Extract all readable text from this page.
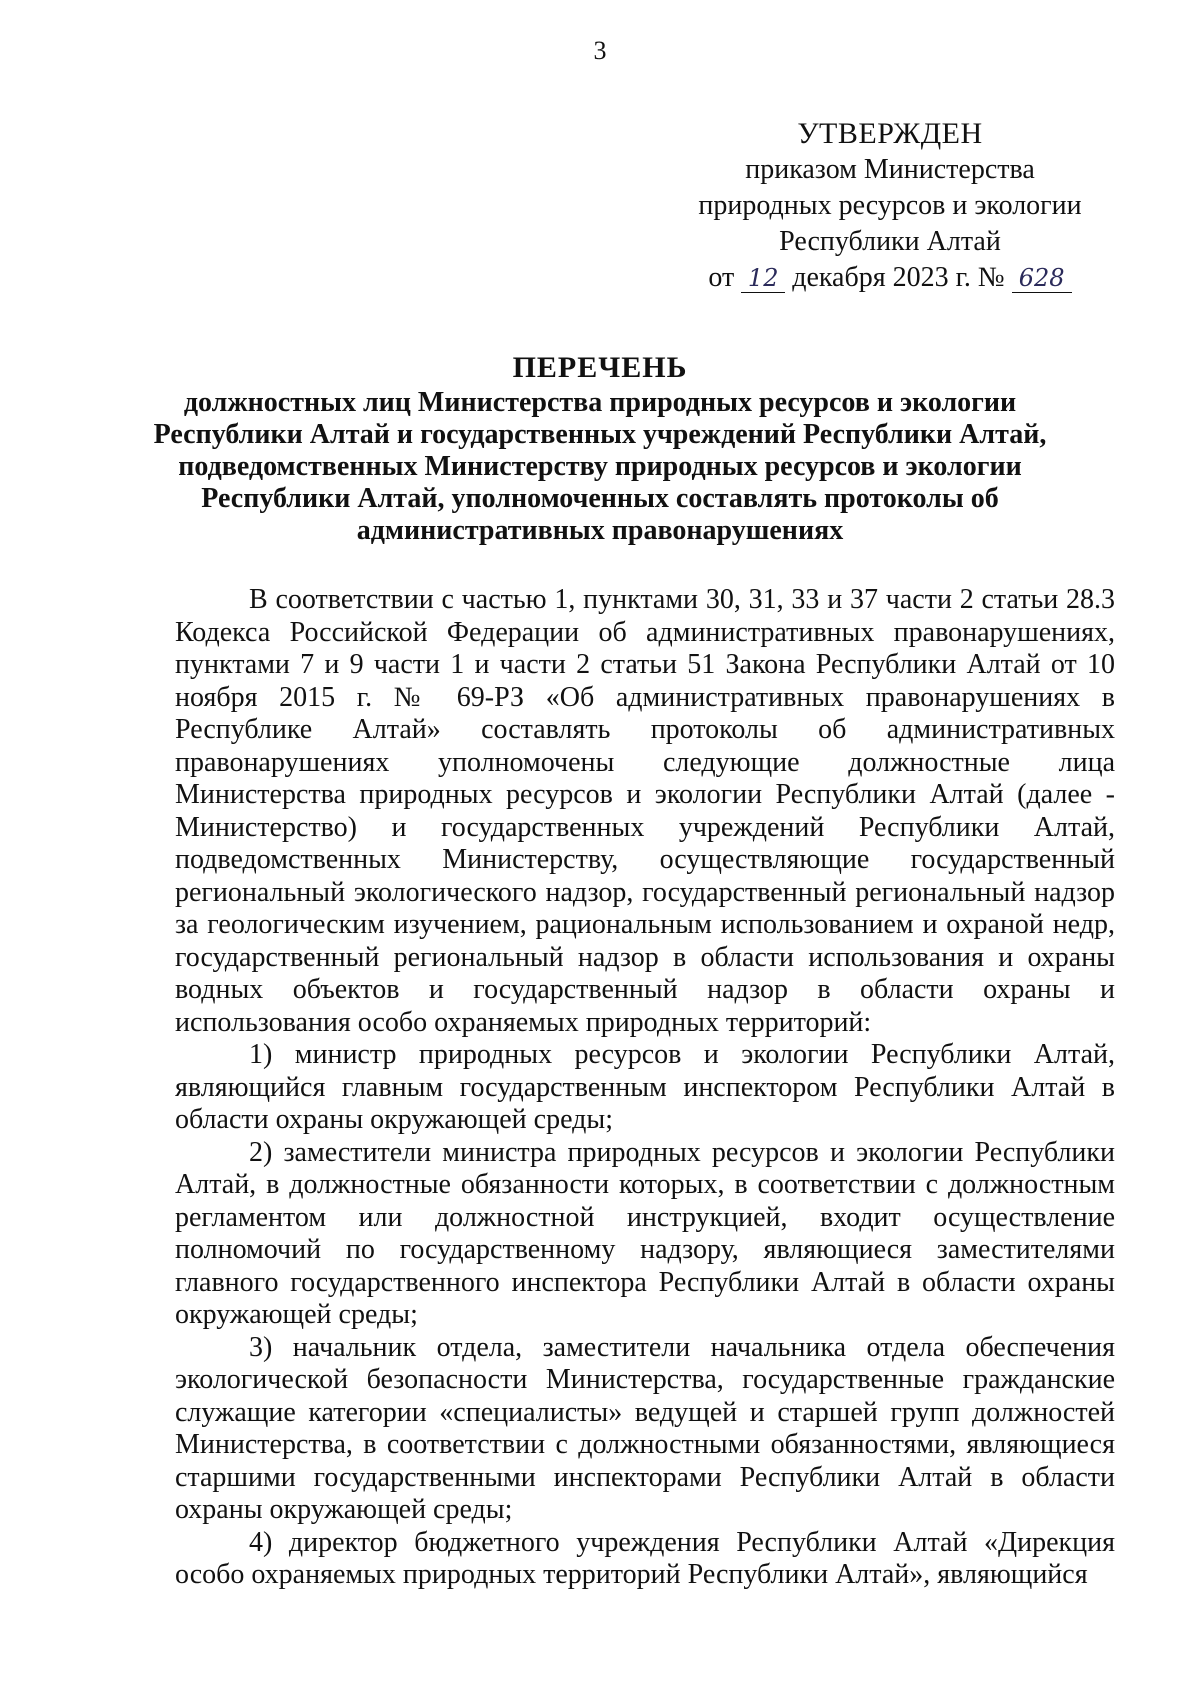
3
УТВЕРЖДЕН
приказом Министерства
природных ресурсов и экологии
Республики Алтай
от 12 декабря 2023 г. № 628
ПЕРЕЧЕНЬ
должностных лиц Министерства природных ресурсов и экологии
Республики Алтай и государственных учреждений Республики Алтай,
подведомственных Министерству природных ресурсов и экологии
Республики Алтай, уполномоченных составлять протоколы об
административных правонарушениях

В соответствии с частью 1, пунктами 30, 31, 33 и 37 части 2 статьи 28.3 Кодекса Российской Федерации об административных правонарушениях, пунктами 7 и 9 части 1 и части 2 статьи 51 Закона Республики Алтай от 10 ноября 2015 г. № 69-РЗ «Об административных правонарушениях в Республике Алтай» составлять протоколы об административных правонарушениях уполномочены следующие должностные лица Министерства природных ресурсов и экологии Республики Алтай (далее - Министерство) и государственных учреждений Республики Алтай, подведомственных Министерству, осуществляющие государственный региональный экологического надзор, государственный региональный надзор за геологическим изучением, рациональным использованием и охраной недр, государственный региональный надзор в области использования и охраны водных объектов и государственный надзор в области охраны и использования особо охраняемых природных территорий:

1) министр природных ресурсов и экологии Республики Алтай, являющийся главным государственным инспектором Республики Алтай в области охраны окружающей среды;

2) заместители министра природных ресурсов и экологии Республики Алтай, в должностные обязанности которых, в соответствии с должностным регламентом или должностной инструкцией, входит осуществление полномочий по государственному надзору, являющиеся заместителями главного государственного инспектора Республики Алтай в области охраны окружающей среды;

3) начальник отдела, заместители начальника отдела обеспечения экологической безопасности Министерства, государственные гражданские служащие категории «специалисты» ведущей и старшей групп должностей Министерства, в соответствии с должностными обязанностями, являющиеся старшими государственными инспекторами Республики Алтай в области охраны окружающей среды;

4) директор бюджетного учреждения Республики Алтай «Дирекция особо охраняемых природных территорий Республики Алтай», являющийся
